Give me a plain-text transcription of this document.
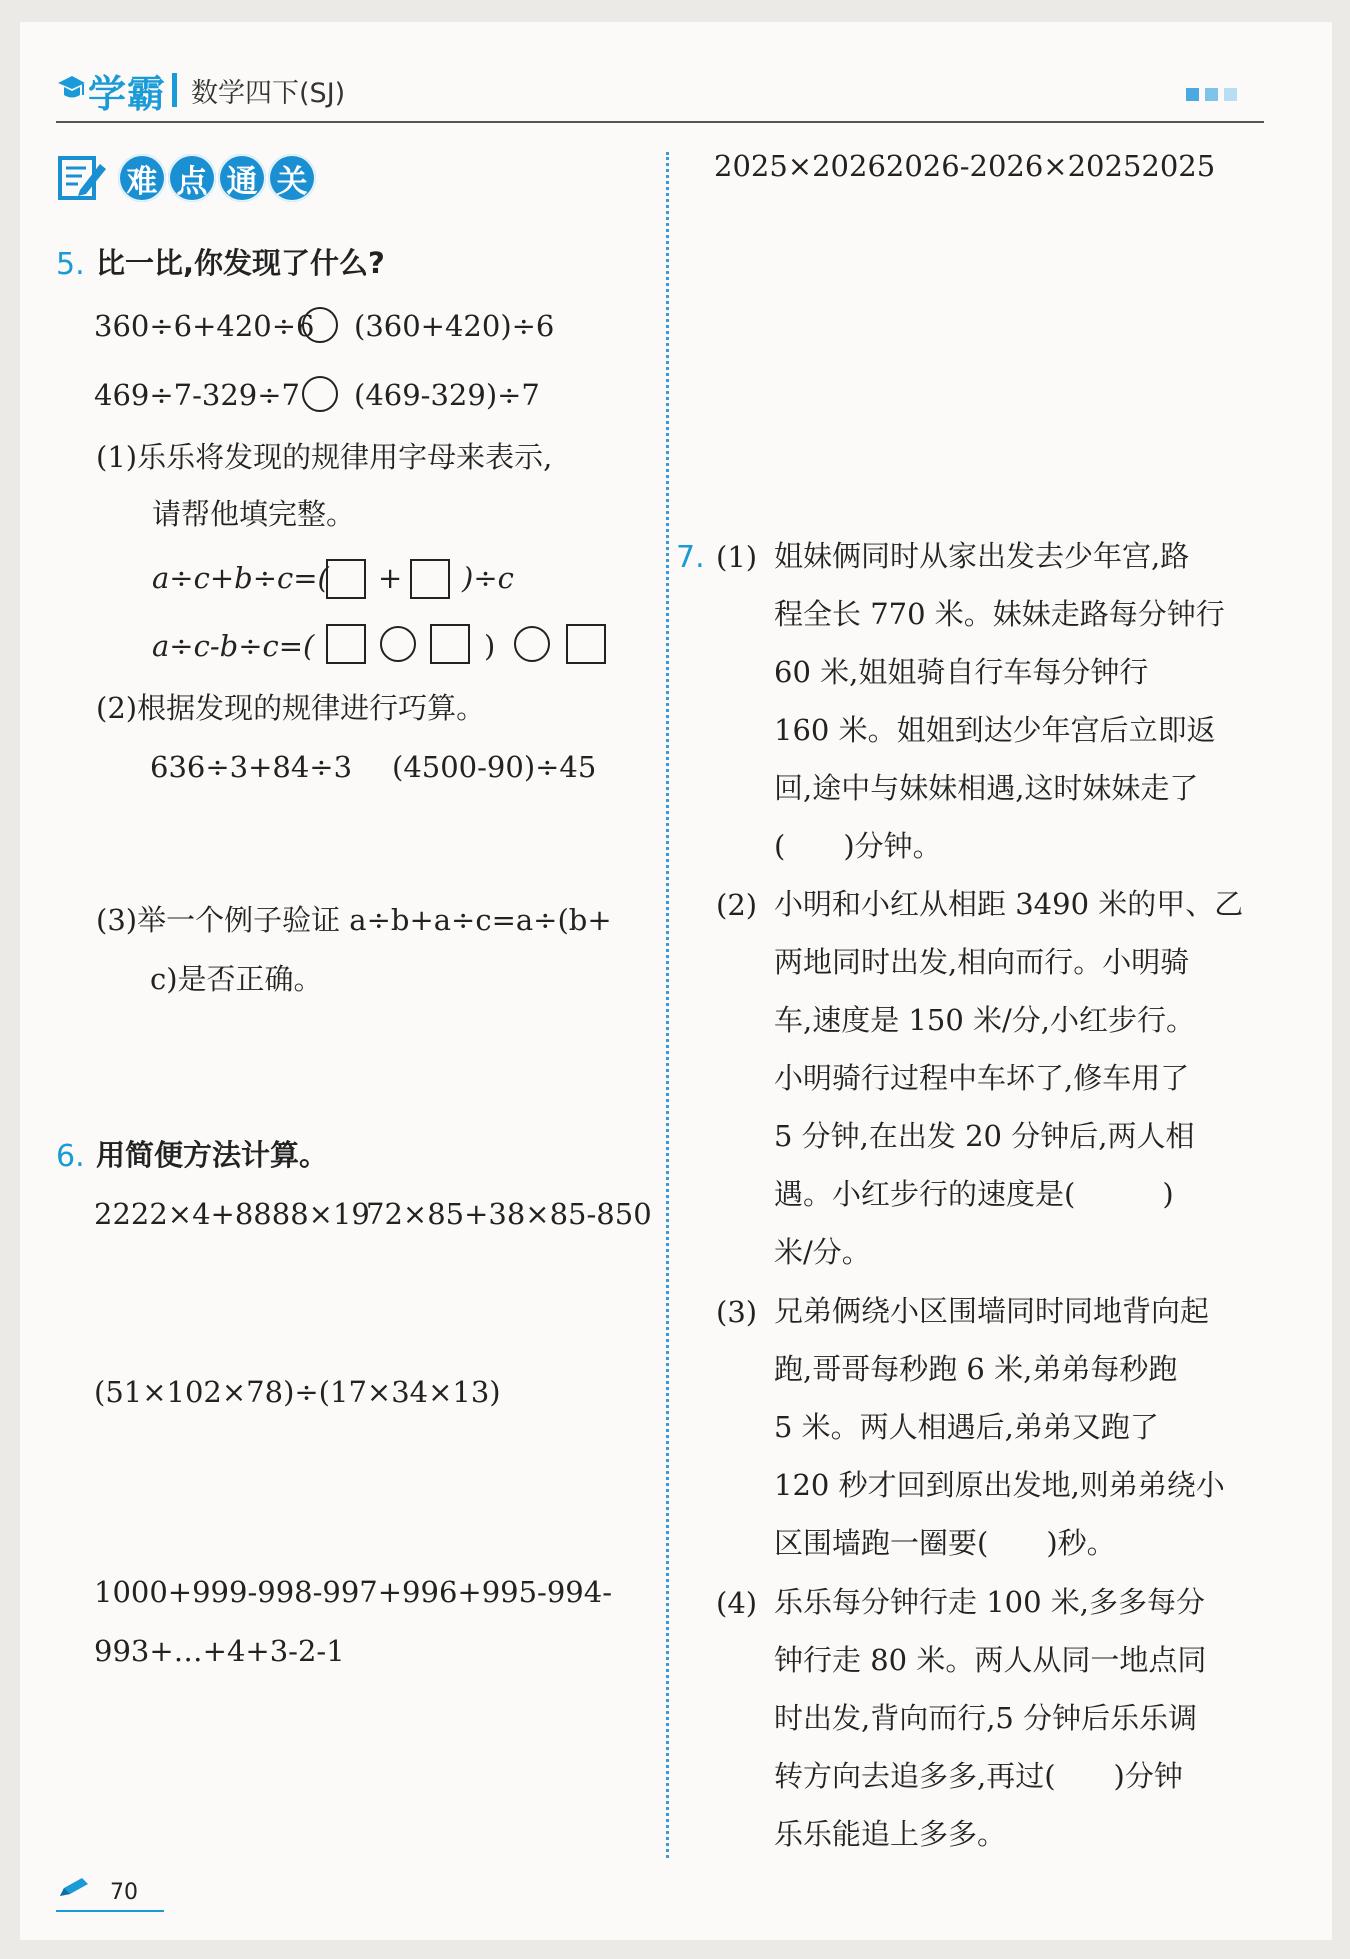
学霸 数学四下(SJ)
难 点 通 关
5. 比一比,你发现了什么?
360÷6+420÷6 (360+420)÷6
469÷7-329÷7 (469-329)÷7
(1)乐乐将发现的规律用字母来表示,
请帮他填完整。
a÷c+b÷c=( + )÷c
a÷c-b÷c=(	)
(2)根据发现的规律进行巧算。
636÷3+84÷3 (4500-90)÷45
(3)举一个例子验证 a÷b+a÷c=a÷(b+
c)是否正确。
6. 用简便方法计算。
2222×4+8888×19
72×85+38×85-850
(51×102×78)÷(17×34×13)
1000+999-998-997+996+995-994-
993+…+4+3-2-1
2025×20262026-2026×20252025
7. (1) 姐妹俩同时从家出发去少年宫,路
程全长 770 米。妹妹走路每分钟行
60 米,姐姐骑自行车每分钟行
160 米。姐姐到达少年宫后立即返
回,途中与妹妹相遇,这时妹妹走了
(　　)分钟。
(2) 小明和小红从相距 3490 米的甲、乙
两地同时出发,相向而行。小明骑
车,速度是 150 米/分,小红步行。
小明骑行过程中车坏了,修车用了
5 分钟,在出发 20 分钟后,两人相
遇。小红步行的速度是(　　　)
米/分。
(3) 兄弟俩绕小区围墙同时同地背向起
跑,哥哥每秒跑 6 米,弟弟每秒跑
5 米。两人相遇后,弟弟又跑了
120 秒才回到原出发地,则弟弟绕小
区围墙跑一圈要(　　)秒。
(4) 乐乐每分钟行走 100 米,多多每分
钟行走 80 米。两人从同一地点同
时出发,背向而行,5 分钟后乐乐调
转方向去追多多,再过(　　)分钟
乐乐能追上多多。
70
